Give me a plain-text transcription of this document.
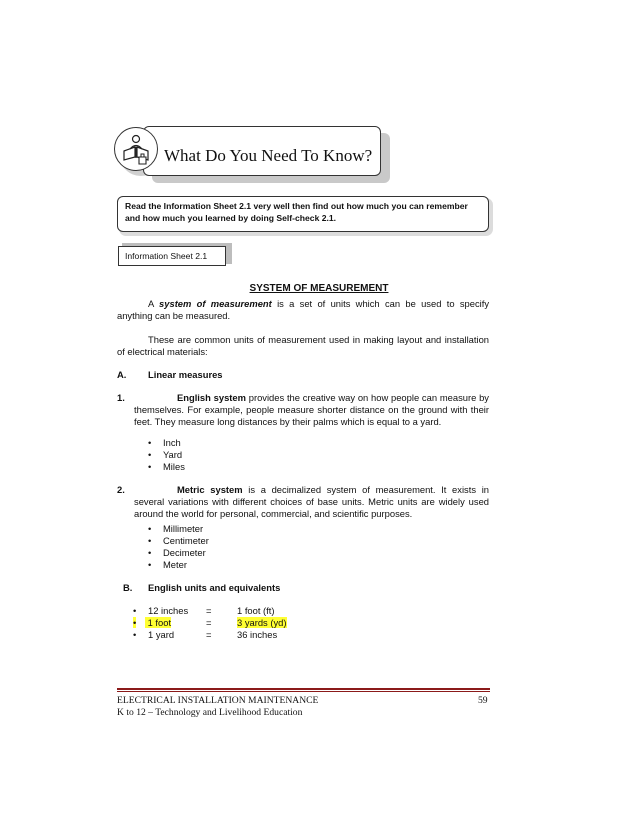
What Do You Need To Know?
Read the Information Sheet 2.1 very well then find out how much you can remember and how much you learned by doing Self-check 2.1.
Information Sheet 2.1
SYSTEM OF MEASUREMENT
A system of measurement is a set of units which can be used to specify anything can be measured.
These are common units of measurement used in making layout and installation of electrical materials:
A. Linear measures
1.	English system provides the creative way on how people can measure by themselves. For example, people measure shorter distance on the ground with their feet. They measure long distances by their palms which is equal to a yard.
• Inch
• Yard
• Miles
2.	Metric system is a decimalized system of measurement. It exists in several variations with different choices of base units. Metric units are widely used around the world for personal, commercial, and scientific purposes.
• Millimeter
• Centimeter
• Decimeter
• Meter
B. English units and equivalents
• 12 inches =	1 foot (ft)
• 1 foot	=	3 yards (yd)
• 1 yard	=	36 inches
ELECTRICAL INSTALLATION MAINTENANCE
K to 12 – Technology and Livelihood Education
59
